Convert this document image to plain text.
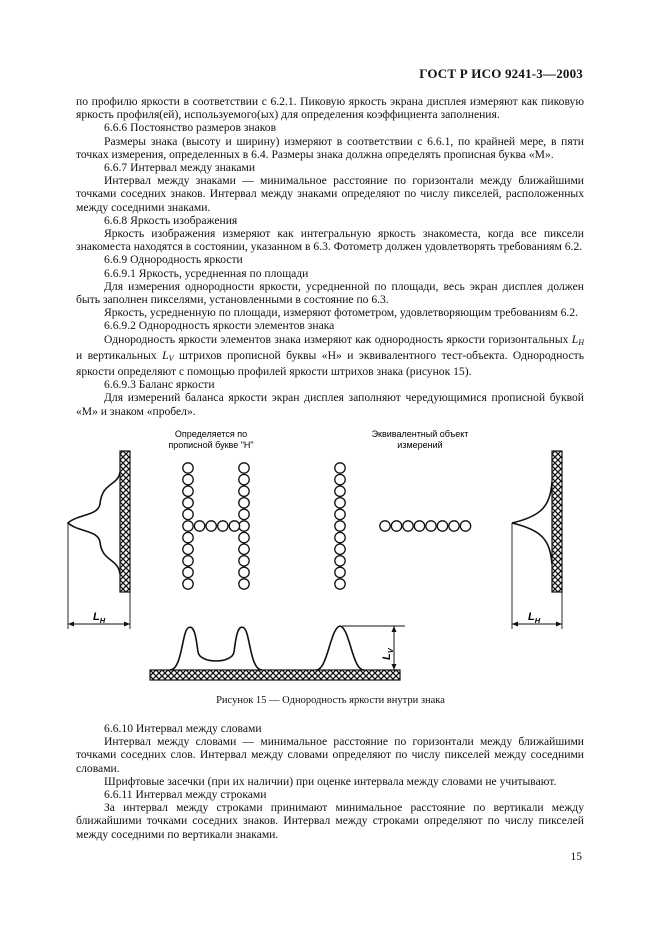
ГОСТ Р ИСО 9241-3—2003

по профилю яркости в соответствии с 6.2.1. Пиковую яркость экрана дисплея измеряют как пиковую яркость профиля(ей), используемого(ых) для определения коэффициента заполнения.

6.6.6 Постоянство размеров знаков

Размеры знака (высоту и ширину) измеряют в соответствии с 6.6.1, по крайней мере, в пяти точках измерения, определенных в 6.4. Размеры знака должна определять прописная буква «М».

6.6.7 Интервал между знаками

Интервал между знаками — минимальное расстояние по горизонтали между ближайшими точками соседних знаков. Интервал между знаками определяют по числу пикселей, расположенных между соседними знаками.

6.6.8 Яркость изображения

Яркость изображения измеряют как интегральную яркость знакоместа, когда все пиксели знакоместа находятся в состоянии, указанном в 6.3. Фотометр должен удовлетворять требованиям 6.2.

6.6.9 Однородность яркости

6.6.9.1 Яркость, усредненная по площади

Для измерения однородности яркости, усредненной по площади, весь экран дисплея должен быть заполнен пикселями, установленными в состояние по 6.3.

Яркость, усредненную по площади, измеряют фотометром, удовлетворяющим требованиям 6.2.

6.6.9.2 Однородность яркости элементов знака

Однородность яркости элементов знака измеряют как однородность яркости горизонтальных $L_H$ и вертикальных $L_V$ штрихов прописной буквы «Н» и эквивалентного тест-объекта. Однородность яркости определяют с помощью профилей яркости штрихов знака (рисунок 15).

6.6.9.3 Баланс яркости

Для измерений баланса яркости экран дисплея заполняют чередующимися прописной буквой «М» и знаком «пробел».

Определяется по
прописной букве "Н"
Эквивалентный объект
измерений
$L_H$	$L_H$
$L_V$
Рисунок 15 — Однородность яркости внутри знака

6.6.10 Интервал между словами

Интервал между словами — минимальное расстояние по горизонтали между ближайшими точками соседних слов. Интервал между словами определяют по числу пикселей между соседними словами.

Шрифтовые засечки (при их наличии) при оценке интервала между словами не учитывают.

6.6.11 Интервал между строками

За интервал между строками принимают минимальное расстояние по вертикали между ближайшими точками соседних знаков. Интервал между строками определяют по числу пикселей между соседними по вертикали знаками.

15
